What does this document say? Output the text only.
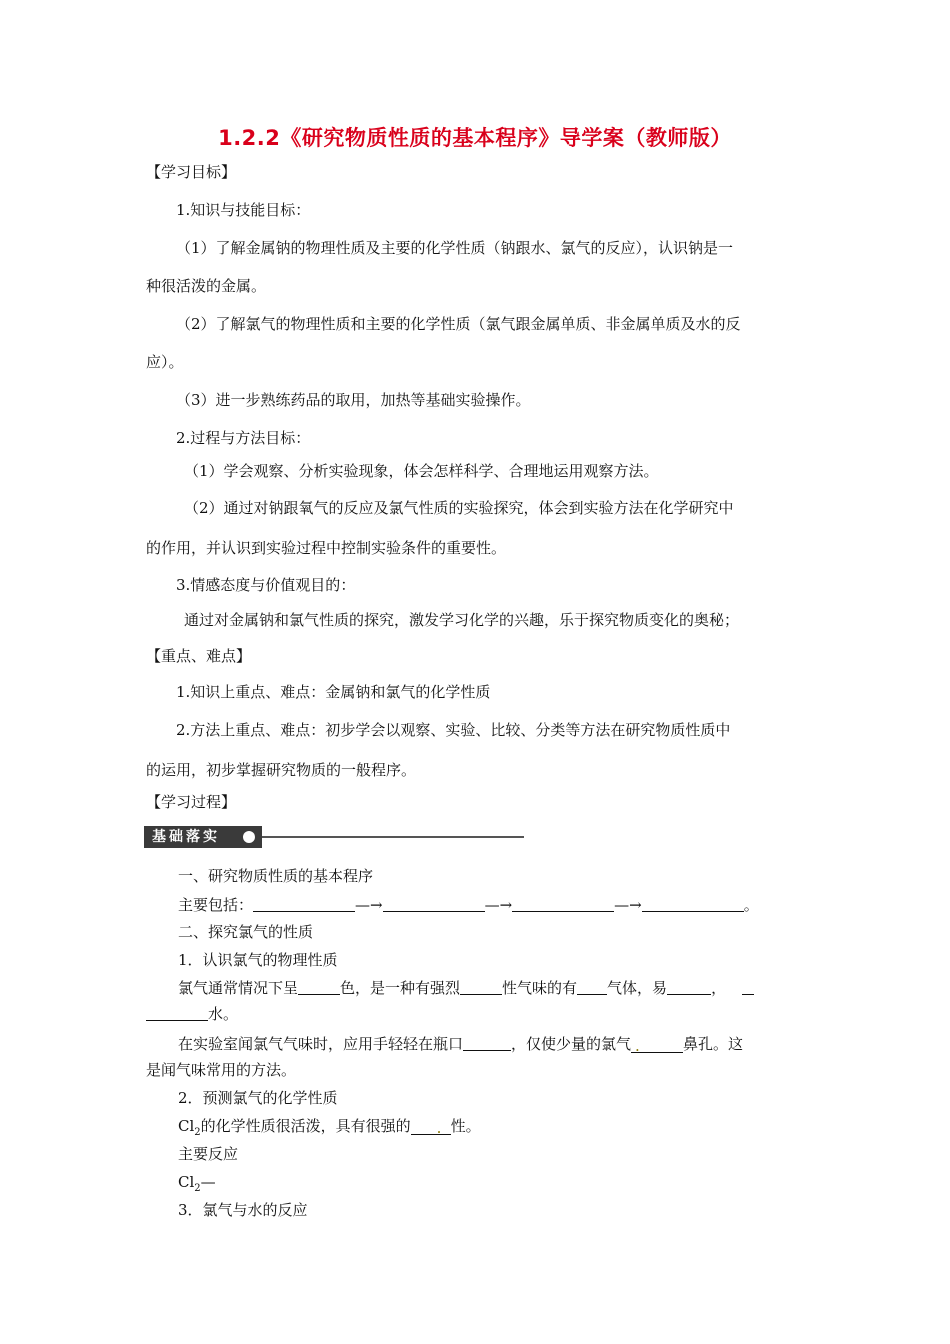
1.2.2《研究物质性质的基本程序》导学案（教师版）
【学习目标】
1.知识与技能目标：
（1）了解金属钠的物理性质及主要的化学性质（钠跟水、氯气的反应），认识钠是一
种很活泼的金属。
（2）了解氯气的物理性质和主要的化学性质（氯气跟金属单质、非金属单质及水的反
应）。
（3）进一步熟练药品的取用，加热等基础实验操作。
2.过程与方法目标：
（1）学会观察、分析实验现象，体会怎样科学、合理地运用观察方法。
（2）通过对钠跟氧气的反应及氯气性质的实验探究，体会到实验方法在化学研究中
的作用，并认识到实验过程中控制实验条件的重要性。
3.情感态度与价值观目的：
通过对金属钠和氯气性质的探究，激发学习化学的兴趣，乐于探究物质变化的奥秘；
【重点、难点】
1.知识上重点、难点：金属钠和氯气的化学性质
2.方法上重点、难点：初步学会以观察、实验、比较、分类等方法在研究物质性质中
的运用，初步掌握研究物质的一般程序。
【学习过程】
基础落实
一、研究物质性质的基本程序
主要包括：	—→	—→	—→	。
二、探究氯气的性质
1．认识氯气的物理性质
氯气通常情况下呈	色，是一种有强烈	性气味的有 气体，易	，
水。
在实验室闻氯气气味时，应用手轻轻在瓶口	，仅使少量的氯气 .	鼻孔。这
是闻气味常用的方法。
2．预测氯气的化学性质
$Cl_2$的化学性质很活泼，具有很强的 . 性。
主要反应
$Cl_2—$
3．氯气与水的反应
